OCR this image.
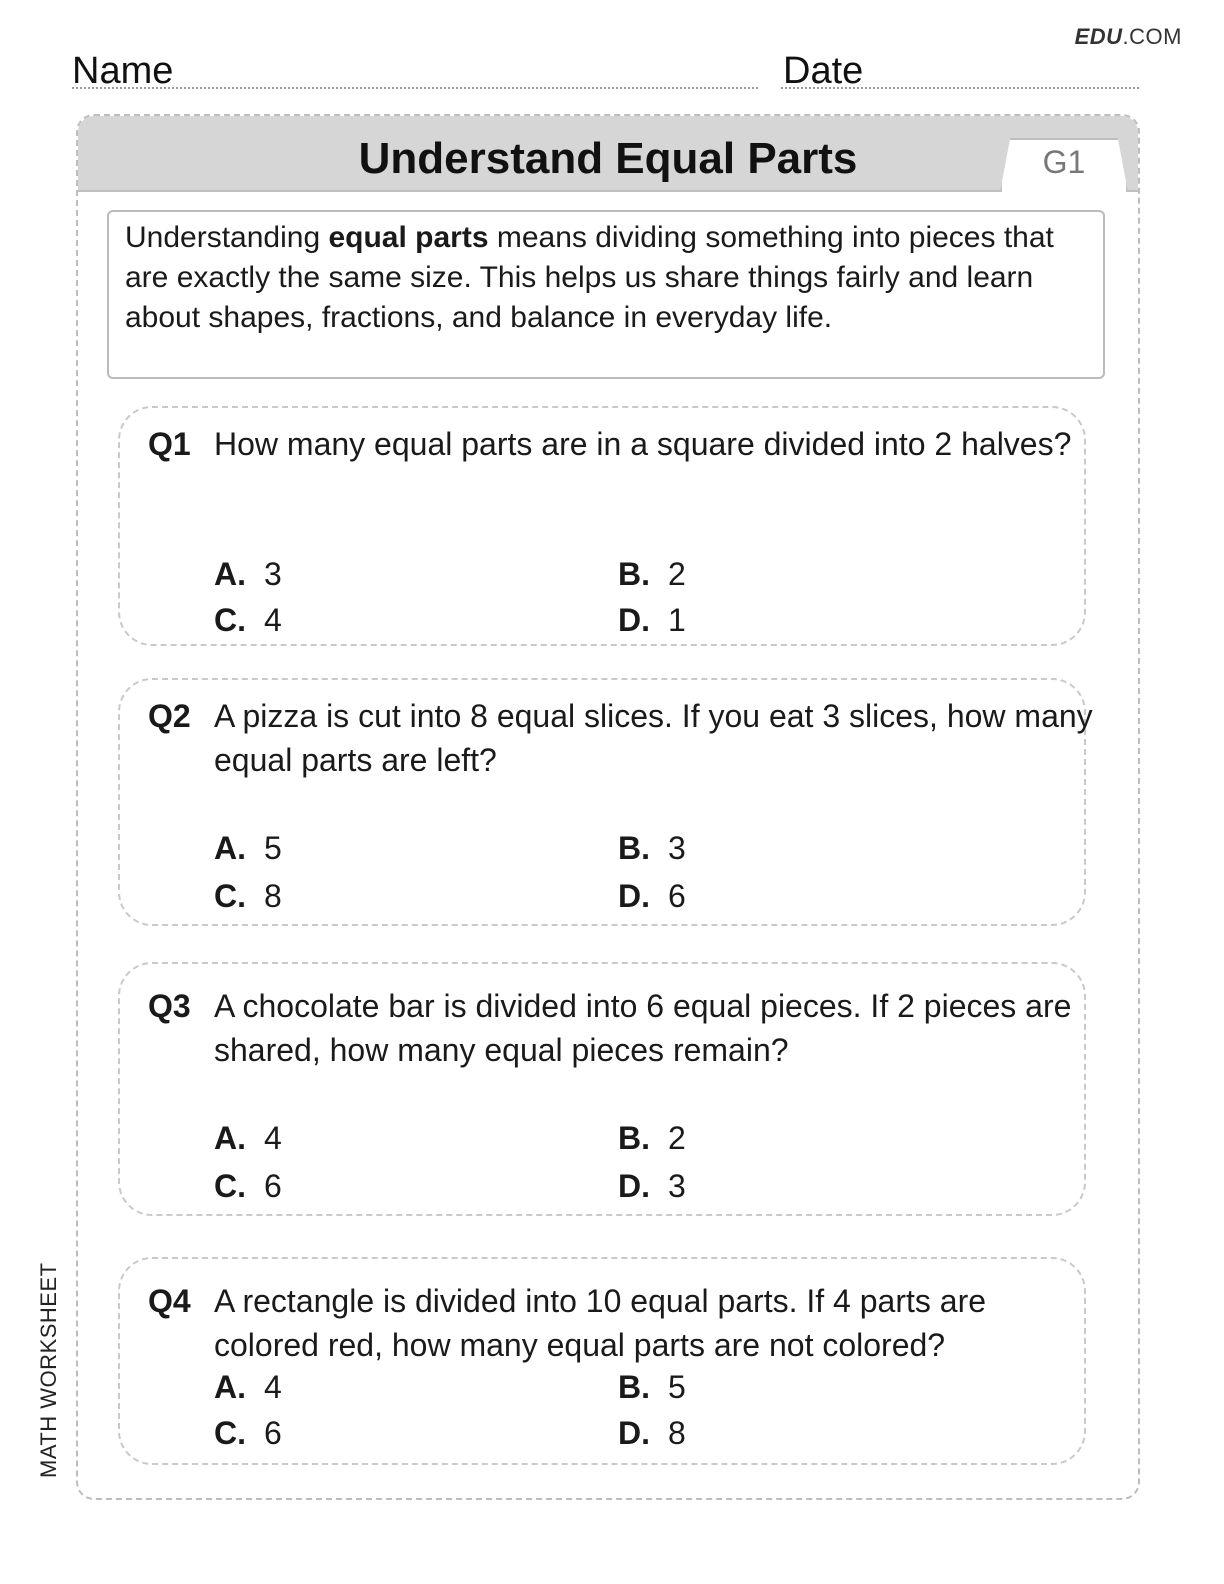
EDU.COM
Name	Date
Understand Equal Parts	G1
MATH WORKSHEET
Understanding equal parts means dividing something into pieces that are exactly the same size. This helps us share things fairly and learn about shapes, fractions, and balance in everyday life.
Q1 How many equal parts are in a square divided into 2 halves?
A. 3	B. 2
C. 4	D. 1
Q2 A pizza is cut into 8 equal slices. If you eat 3 slices, how many equal parts are left?
A. 5	B. 3
C. 8	D. 6
Q3 A chocolate bar is divided into 6 equal pieces. If 2 pieces are shared, how many equal pieces remain?
A. 4	B. 2
C. 6	D. 3
Q4 A rectangle is divided into 10 equal parts. If 4 parts are colored red, how many equal parts are not colored?
A. 4	B. 5
C. 6	D. 8
